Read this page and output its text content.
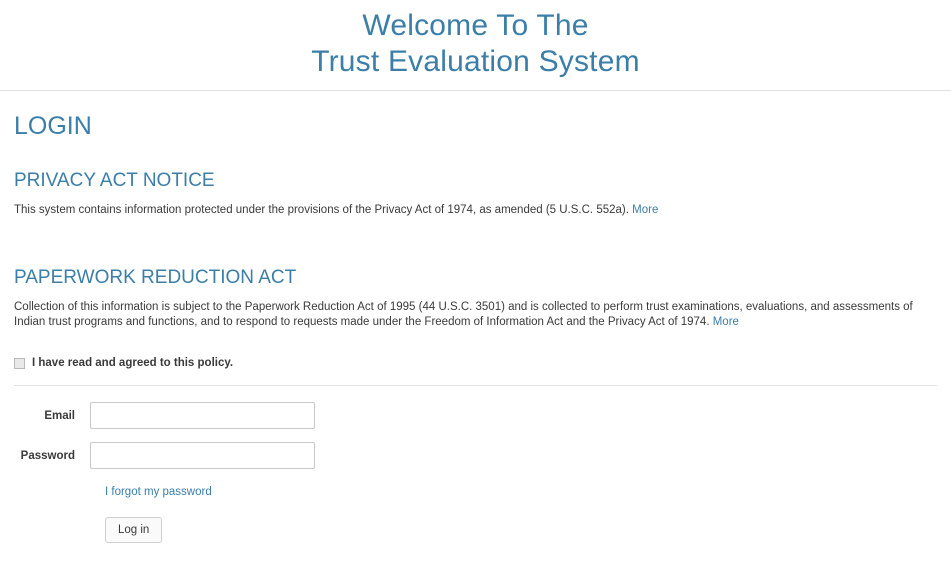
Welcome To The
Trust Evaluation System
LOGIN
PRIVACY ACT NOTICE

This system contains information protected under the provisions of the Privacy Act of 1974, as amended (5 U.S.C. 552a). More

PAPERWORK REDUCTION ACT

Collection of this information is subject to the Paperwork Reduction Act of 1995 (44 U.S.C. 3501) and is collected to perform trust examinations, evaluations, and assessments of Indian trust programs and functions, and to respond to requests made under the Freedom of Information Act and the Privacy Act of 1974. More

I have read and agreed to this policy.
Email
Password
I forgot my password
Log in
